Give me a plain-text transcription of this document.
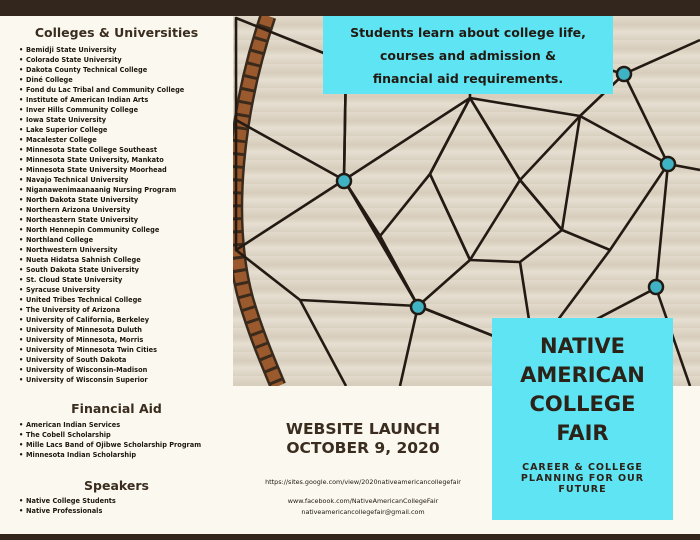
Colleges & Universities
• Bemidji State University
• Colorado State University
• Dakota County Technical College
• Diné College
• Fond du Lac Tribal and Community College
• Institute of American Indian Arts
• Inver Hills Community College
• Iowa State University
• Lake Superior College
• Macalester College
• Minnesota State College Southeast
• Minnesota State University, Mankato
• Minnesota State University Moorhead
• Navajo Technical University
• Niganawenimaanaanig Nursing Program
• North Dakota State University
• Northern Arizona University
• Northeastern State University
• North Hennepin Community College
• Northland College
• Northwestern University
• Nueta Hidatsa Sahnish College
• South Dakota State University
• St. Cloud State University
• Syracuse University
• United Tribes Technical College
• The University of Arizona
• University of California, Berkeley
• University of Minnesota Duluth
• University of Minnesota, Morris
• University of Minnesota Twin Cities
• University of South Dakota
• University of Wisconsin-Madison
• University of Wisconsin Superior
Financial Aid
• American Indian Services
• The Cobell Scholarship
• Mille Lacs Band of Ojibwe Scholarship Program
• Minnesota Indian Scholarship
Speakers
• Native College Students
• Native Professionals
Students learn about college life,
courses and admission &
financial aid requirements.
WEBSITE LAUNCH
OCTOBER 9, 2020
https://sites.google.com/view/2020nativeamericancollegefair
www.facebook.com/NativeAmericanCollegeFair
nativeamericancollegefair@gmail.com
NATIVE
AMERICAN
COLLEGE
FAIR
CAREER & COLLEGE
PLANNING FOR OUR
FUTURE
